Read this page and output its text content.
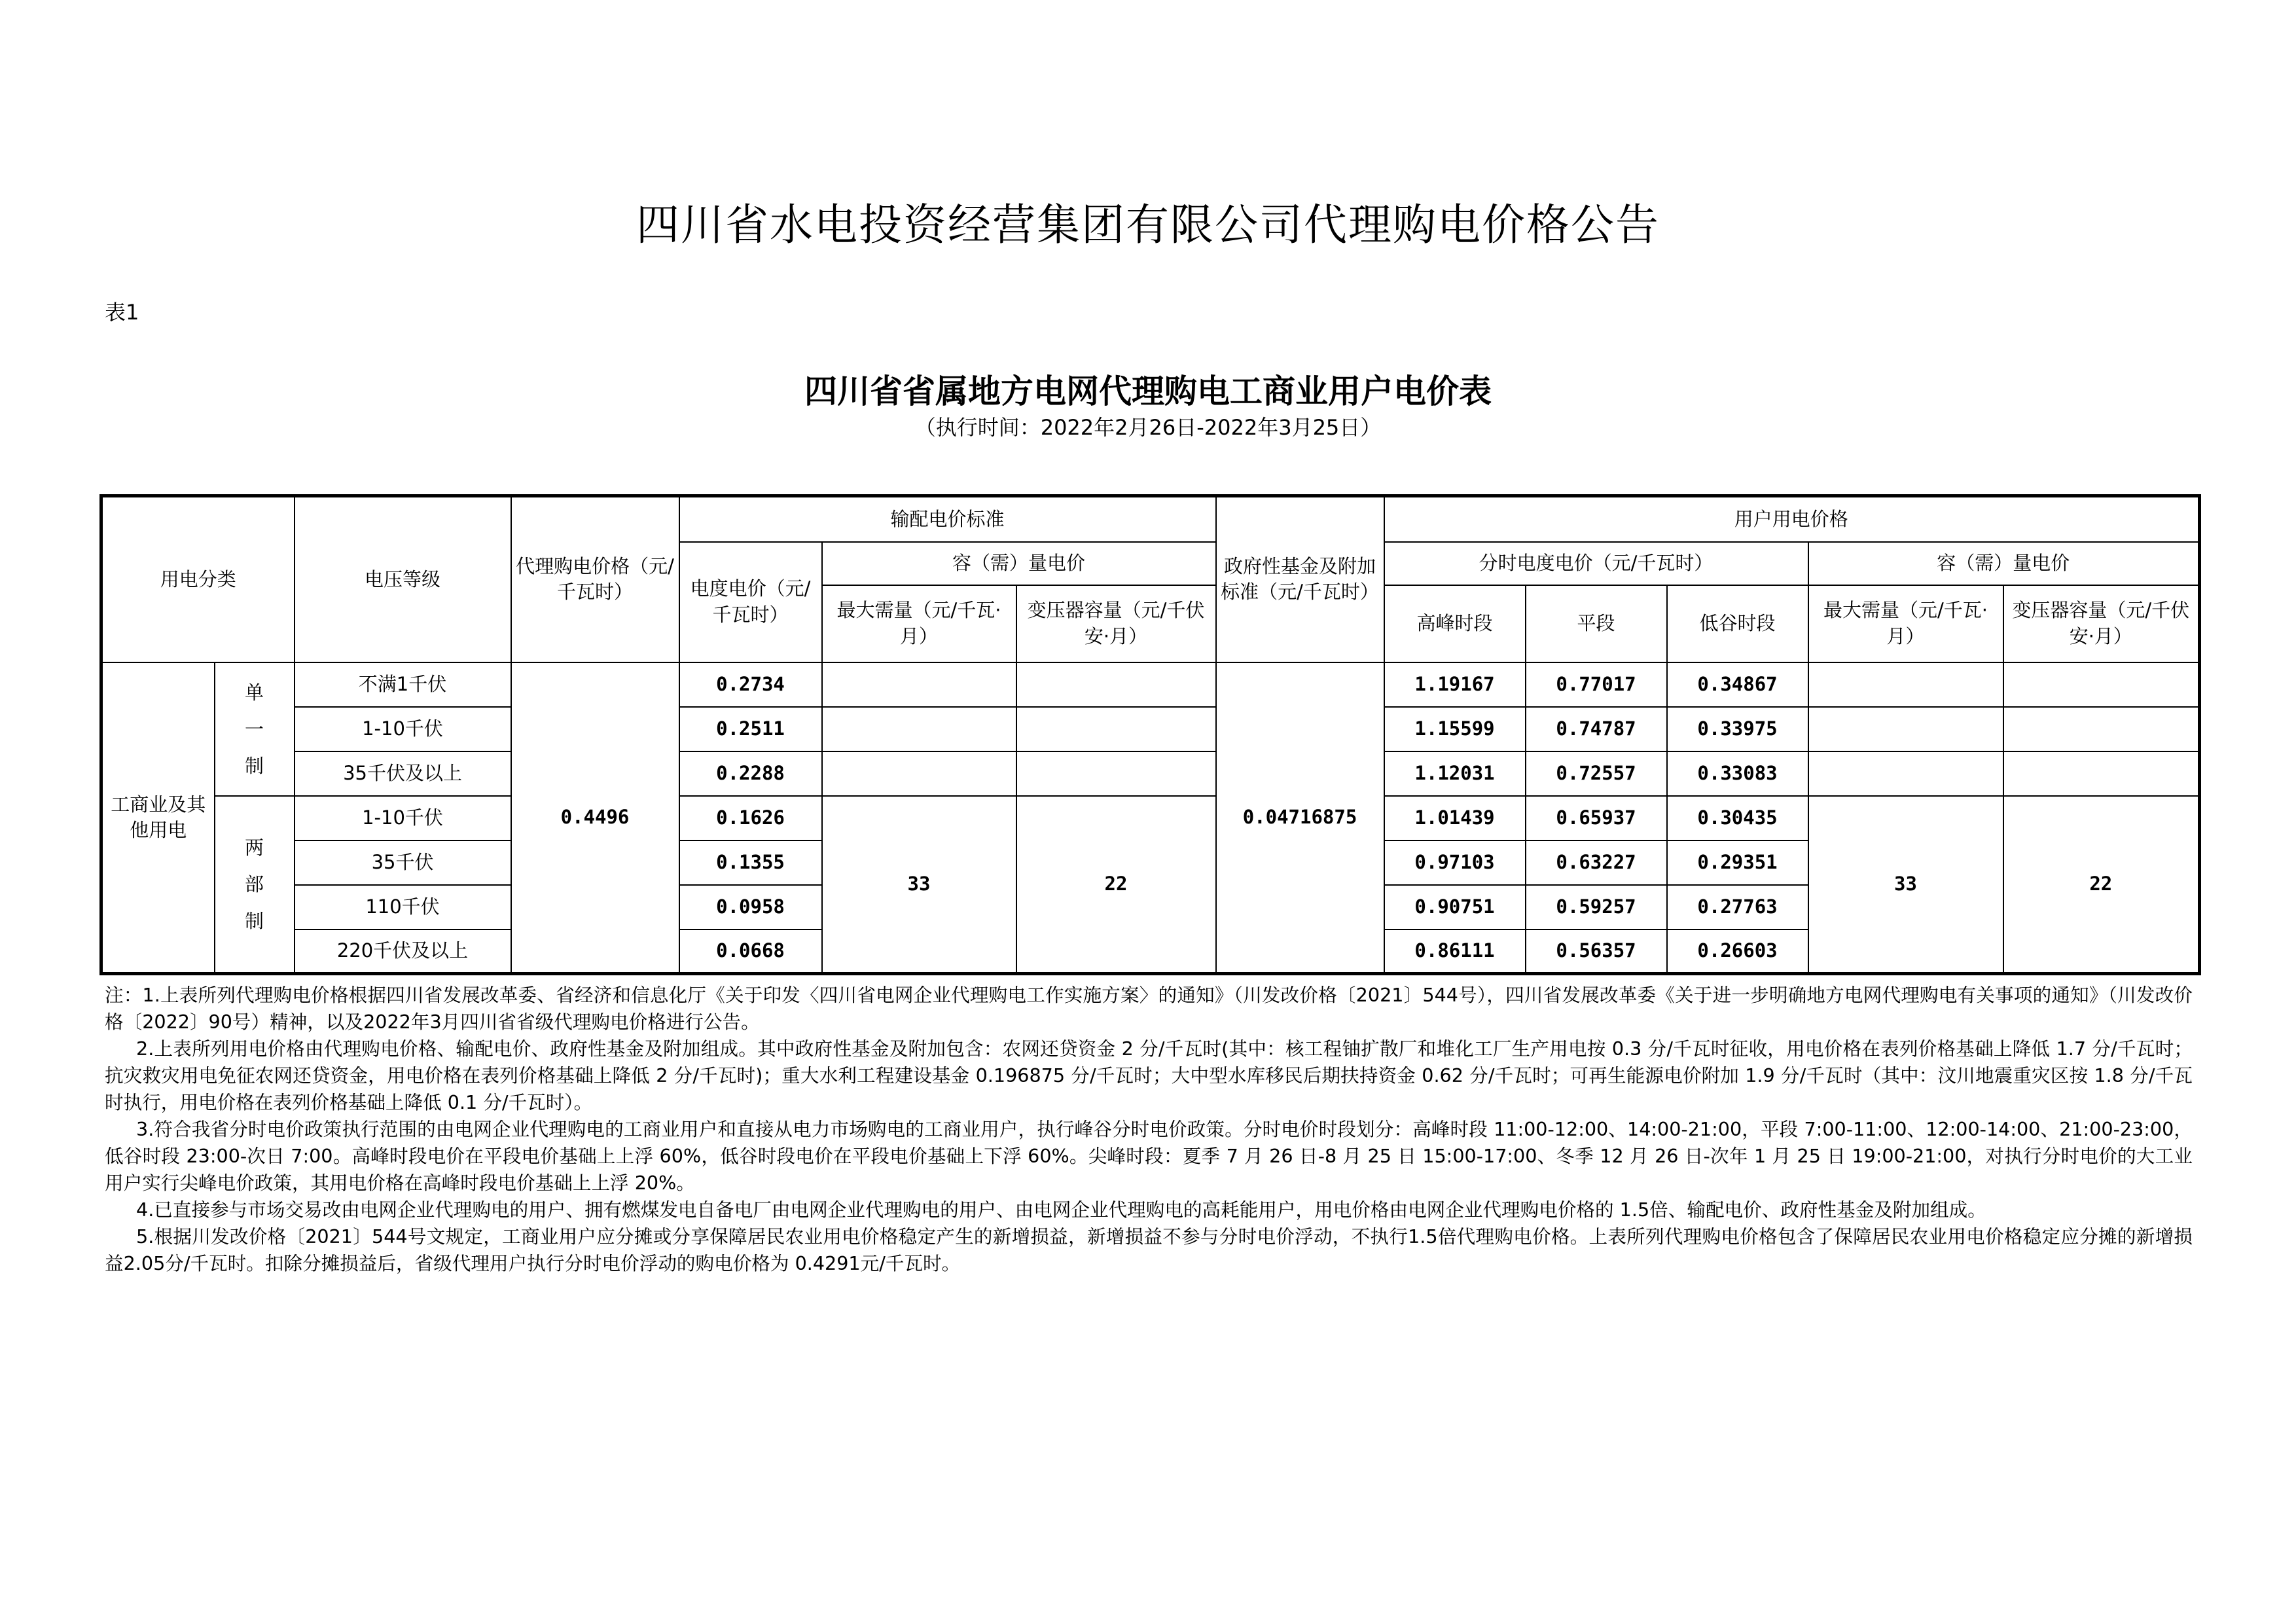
四川省水电投资经营集团有限公司代理购电价格公告
表1
四川省省属地方电网代理购电工商业用户电价表
（执行时间：2022年2月26日-2022年3月25日）
用电分类		电压等级	代理购电价格（元/千瓦时）	输配电价标准			政府性基金及附加标准（元/千瓦时）	用户用电价格				
				电度电价（元/千瓦时）	容（需）量电价			分时电度电价（元/千瓦时）			容（需）量电价	
					最大需量（元/千瓦·月）	变压器容量（元/千伏安·月）		高峰时段	平段	低谷时段	最大需量（元/千瓦·月）	变压器容量（元/千伏安·月）
工商业及其他用电	单一制	不满1千伏	0.4496	0.2734			0.04716875	1.19167	0.77017	0.34867		
		1-10千伏		0.2511				1.15599	0.74787	0.33975		
		35千伏及以上		0.2288				1.12031	0.72557	0.33083		
	两部制	1-10千伏		0.1626	33	22		1.01439	0.65937	0.30435	33	22
		35千伏		0.1355				0.97103	0.63227	0.29351		
		110千伏		0.0958				0.90751	0.59257	0.27763		
		220千伏及以上		0.0668				0.86111	0.56357	0.26603		

注：1.上表所列代理购电价格根据四川省发展改革委、省经济和信息化厅《关于印发〈四川省电网企业代理购电工作实施方案〉的通知》（川发改价格〔2021〕544号），四川省发展改革委《关于进一步明确地方电网代理购电有关事项的通知》（川发改价格〔2022〕90号）精神，以及2022年3月四川省省级代理购电价格进行公告。

2.上表所列用电价格由代理购电价格、输配电价、政府性基金及附加组成。其中政府性基金及附加包含：农网还贷资金 2 分/千瓦时(其中：核工程铀扩散厂和堆化工厂生产用电按 0.3 分/千瓦时征收，用电价格在表列价格基础上降低 1.7 分/千瓦时；抗灾救灾用电免征农网还贷资金，用电价格在表列价格基础上降低 2 分/千瓦时)；重大水利工程建设基金 0.196875 分/千瓦时；大中型水库移民后期扶持资金 0.62 分/千瓦时；可再生能源电价附加 1.9 分/千瓦时（其中：汶川地震重灾区按 1.8 分/千瓦时执行，用电价格在表列价格基础上降低 0.1 分/千瓦时）。

3.符合我省分时电价政策执行范围的由电网企业代理购电的工商业用户和直接从电力市场购电的工商业用户，执行峰谷分时电价政策。分时电价时段划分：高峰时段 11:00-12:00、14:00-21:00，平段 7:00-11:00、12:00-14:00、21:00-23:00，低谷时段 23:00-次日 7:00。高峰时段电价在平段电价基础上上浮 60%，低谷时段电价在平段电价基础上下浮 60%。尖峰时段：夏季 7 月 26 日-8 月 25 日 15:00-17:00、冬季 12 月 26 日-次年 1 月 25 日 19:00-21:00，对执行分时电价的大工业用户实行尖峰电价政策，其用电价格在高峰时段电价基础上上浮 20%。

4.已直接参与市场交易改由电网企业代理购电的用户、拥有燃煤发电自备电厂由电网企业代理购电的用户、由电网企业代理购电的高耗能用户，用电价格由电网企业代理购电价格的 1.5倍、输配电价、政府性基金及附加组成。

5.根据川发改价格〔2021〕544号文规定，工商业用户应分摊或分享保障居民农业用电价格稳定产生的新增损益，新增损益不参与分时电价浮动，不执行1.5倍代理购电价格。上表所列代理购电价格包含了保障居民农业用电价格稳定应分摊的新增损益2.05分/千瓦时。扣除分摊损益后，省级代理用户执行分时电价浮动的购电价格为 0.4291元/千瓦时。
